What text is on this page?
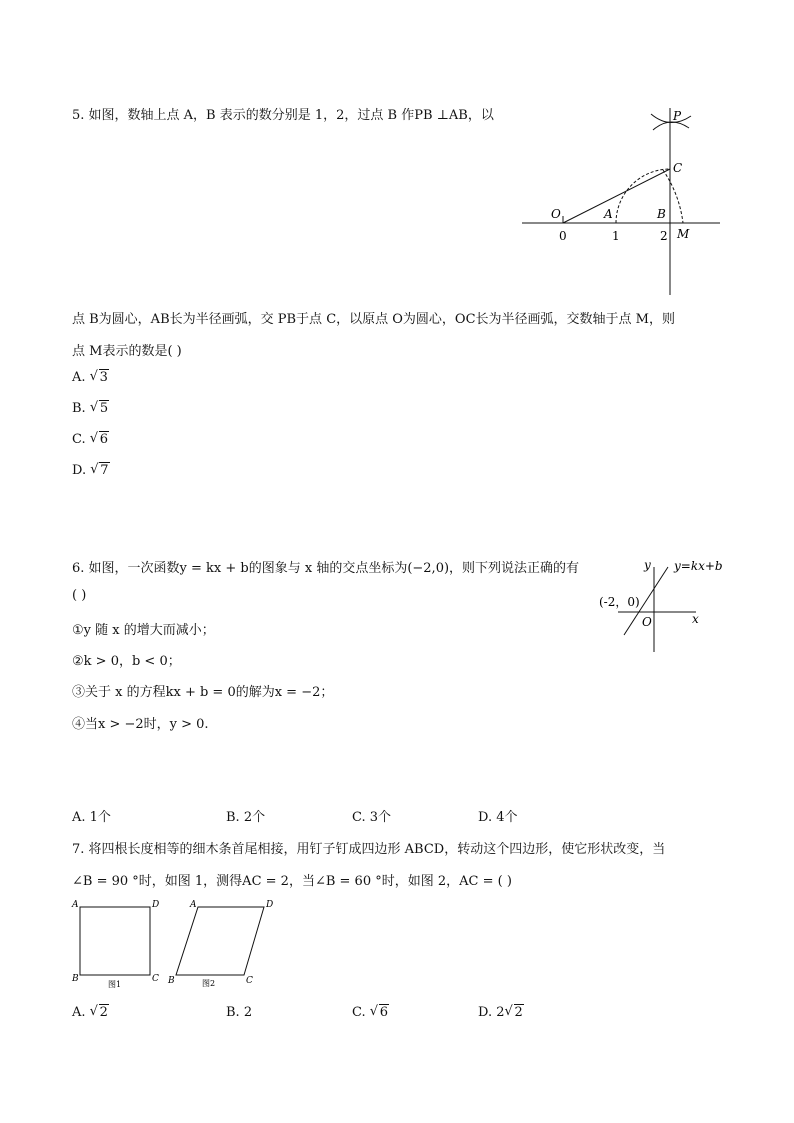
5. 如图，数轴上点 A，B 表示的数分别是 1，2，过点 B 作PB ⊥AB，以	P
C
O	A	B
M
0	1	2
点 B为圆心，AB长为半径画弧，交 PB于点 C，以原点 O为圆心，OC长为半径画弧，交数轴于点 M，则
点 M表示的数是( )
A. √ 3
B. √ 5
C. √ 6
D. √ 7
6. 如图，一次函数y = kx + b的图象与 x 轴的交点坐标为(−2,0)，则下列说法正确的有
( )
y y=kx+b
(-2，0)
O	x
①y 随 x 的增大而减小；
②k > 0，b < 0；
③关于 x 的方程kx + b = 0的解为x = −2；
④当x > −2时，y > 0.
A. 1个	B. 2个	C. 3个	D. 4个
7. 将四根长度相等的细木条首尾相接，用钉子钉成四边形 ABCD，转动这个四边形，使它形状改变，当
∠B = 90 °时，如图 1，测得AC = 2，当∠B = 60 °时，如图 2，AC = ( )
A	D
B	C
图1
A	D
B	C
图2
A. √ 2	B. 2	C. √ 6	D. 2√ 2
